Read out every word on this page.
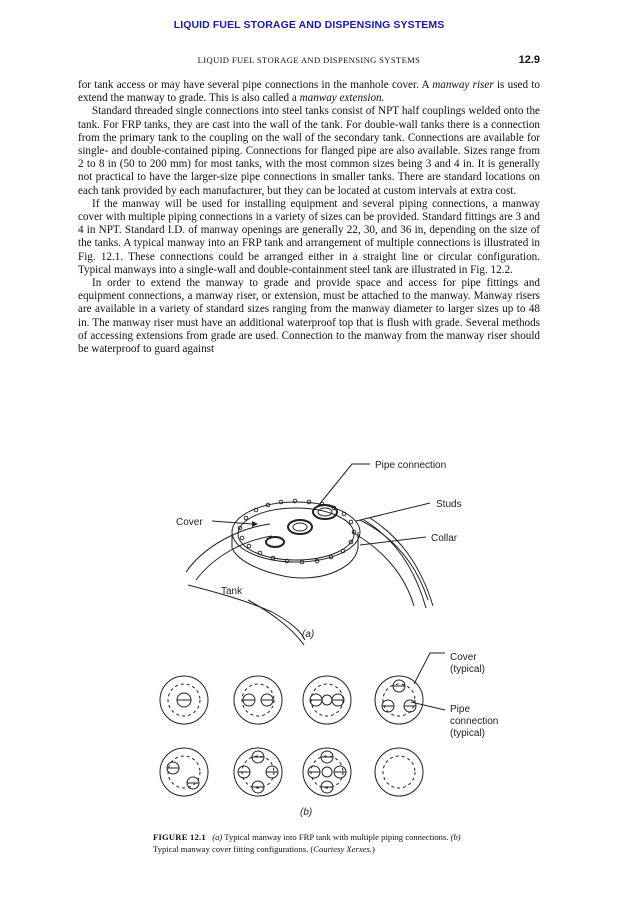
LIQUID FUEL STORAGE AND DISPENSING SYSTEMS
LIQUID FUEL STORAGE AND DISPENSING SYSTEMS	12.9

for tank access or may have several pipe connections in the manhole cover. A manway riser is used to extend the manway to grade. This is also called a manway extension.

Standard threaded single connections into steel tanks consist of NPT half couplings welded onto the tank. For FRP tanks, they are cast into the wall of the tank. For double-wall tanks there is a connection from the primary tank to the coupling on the wall of the secondary tank. Connections are available for single- and double-contained piping. Connections for flanged pipe are also available. Sizes range from 2 to 8 in (50 to 200 mm) for most tanks, with the most common sizes being 3 and 4 in. It is generally not practical to have the larger-size pipe connections in smaller tanks. There are standard locations on each tank provided by each manufacturer, but they can be located at custom intervals at extra cost.

If the manway will be used for installing equipment and several piping connections, a manway cover with multiple piping connections in a variety of sizes can be provided. Standard fittings are 3 and 4 in NPT. Standard I.D. of manway openings are generally 22, 30, and 36 in, depending on the size of the tanks. A typical manway into an FRP tank and arrangement of multiple connections is illustrated in Fig. 12.1. These connections could be arranged either in a straight line or circular configuration. Typical manways into a single-wall and double-containment steel tank are illustrated in Fig. 12.2.

In order to extend the manway to grade and provide space and access for pipe fittings and equipment connections, a manway riser, or extension, must be attached to the manway. Manway risers are available in a variety of standard sizes ranging from the manway diameter to larger sizes up to 48 in. The manway riser must have an additional waterproof top that is flush with grade. Several methods of accessing extensions from grade are used. Connection to the manway from the manway riser should be waterproof to guard against

Pipe connection
Studs
Collar
Cover
Tank
(a)
Cover
(typical)
Pipe
connection
(typical)
(b)
FIGURE 12.1 (a) Typical manway into FRP tank with multiple piping connections. (b) Typical manway cover fitting configurations. (Courtesy Xerxes.)
